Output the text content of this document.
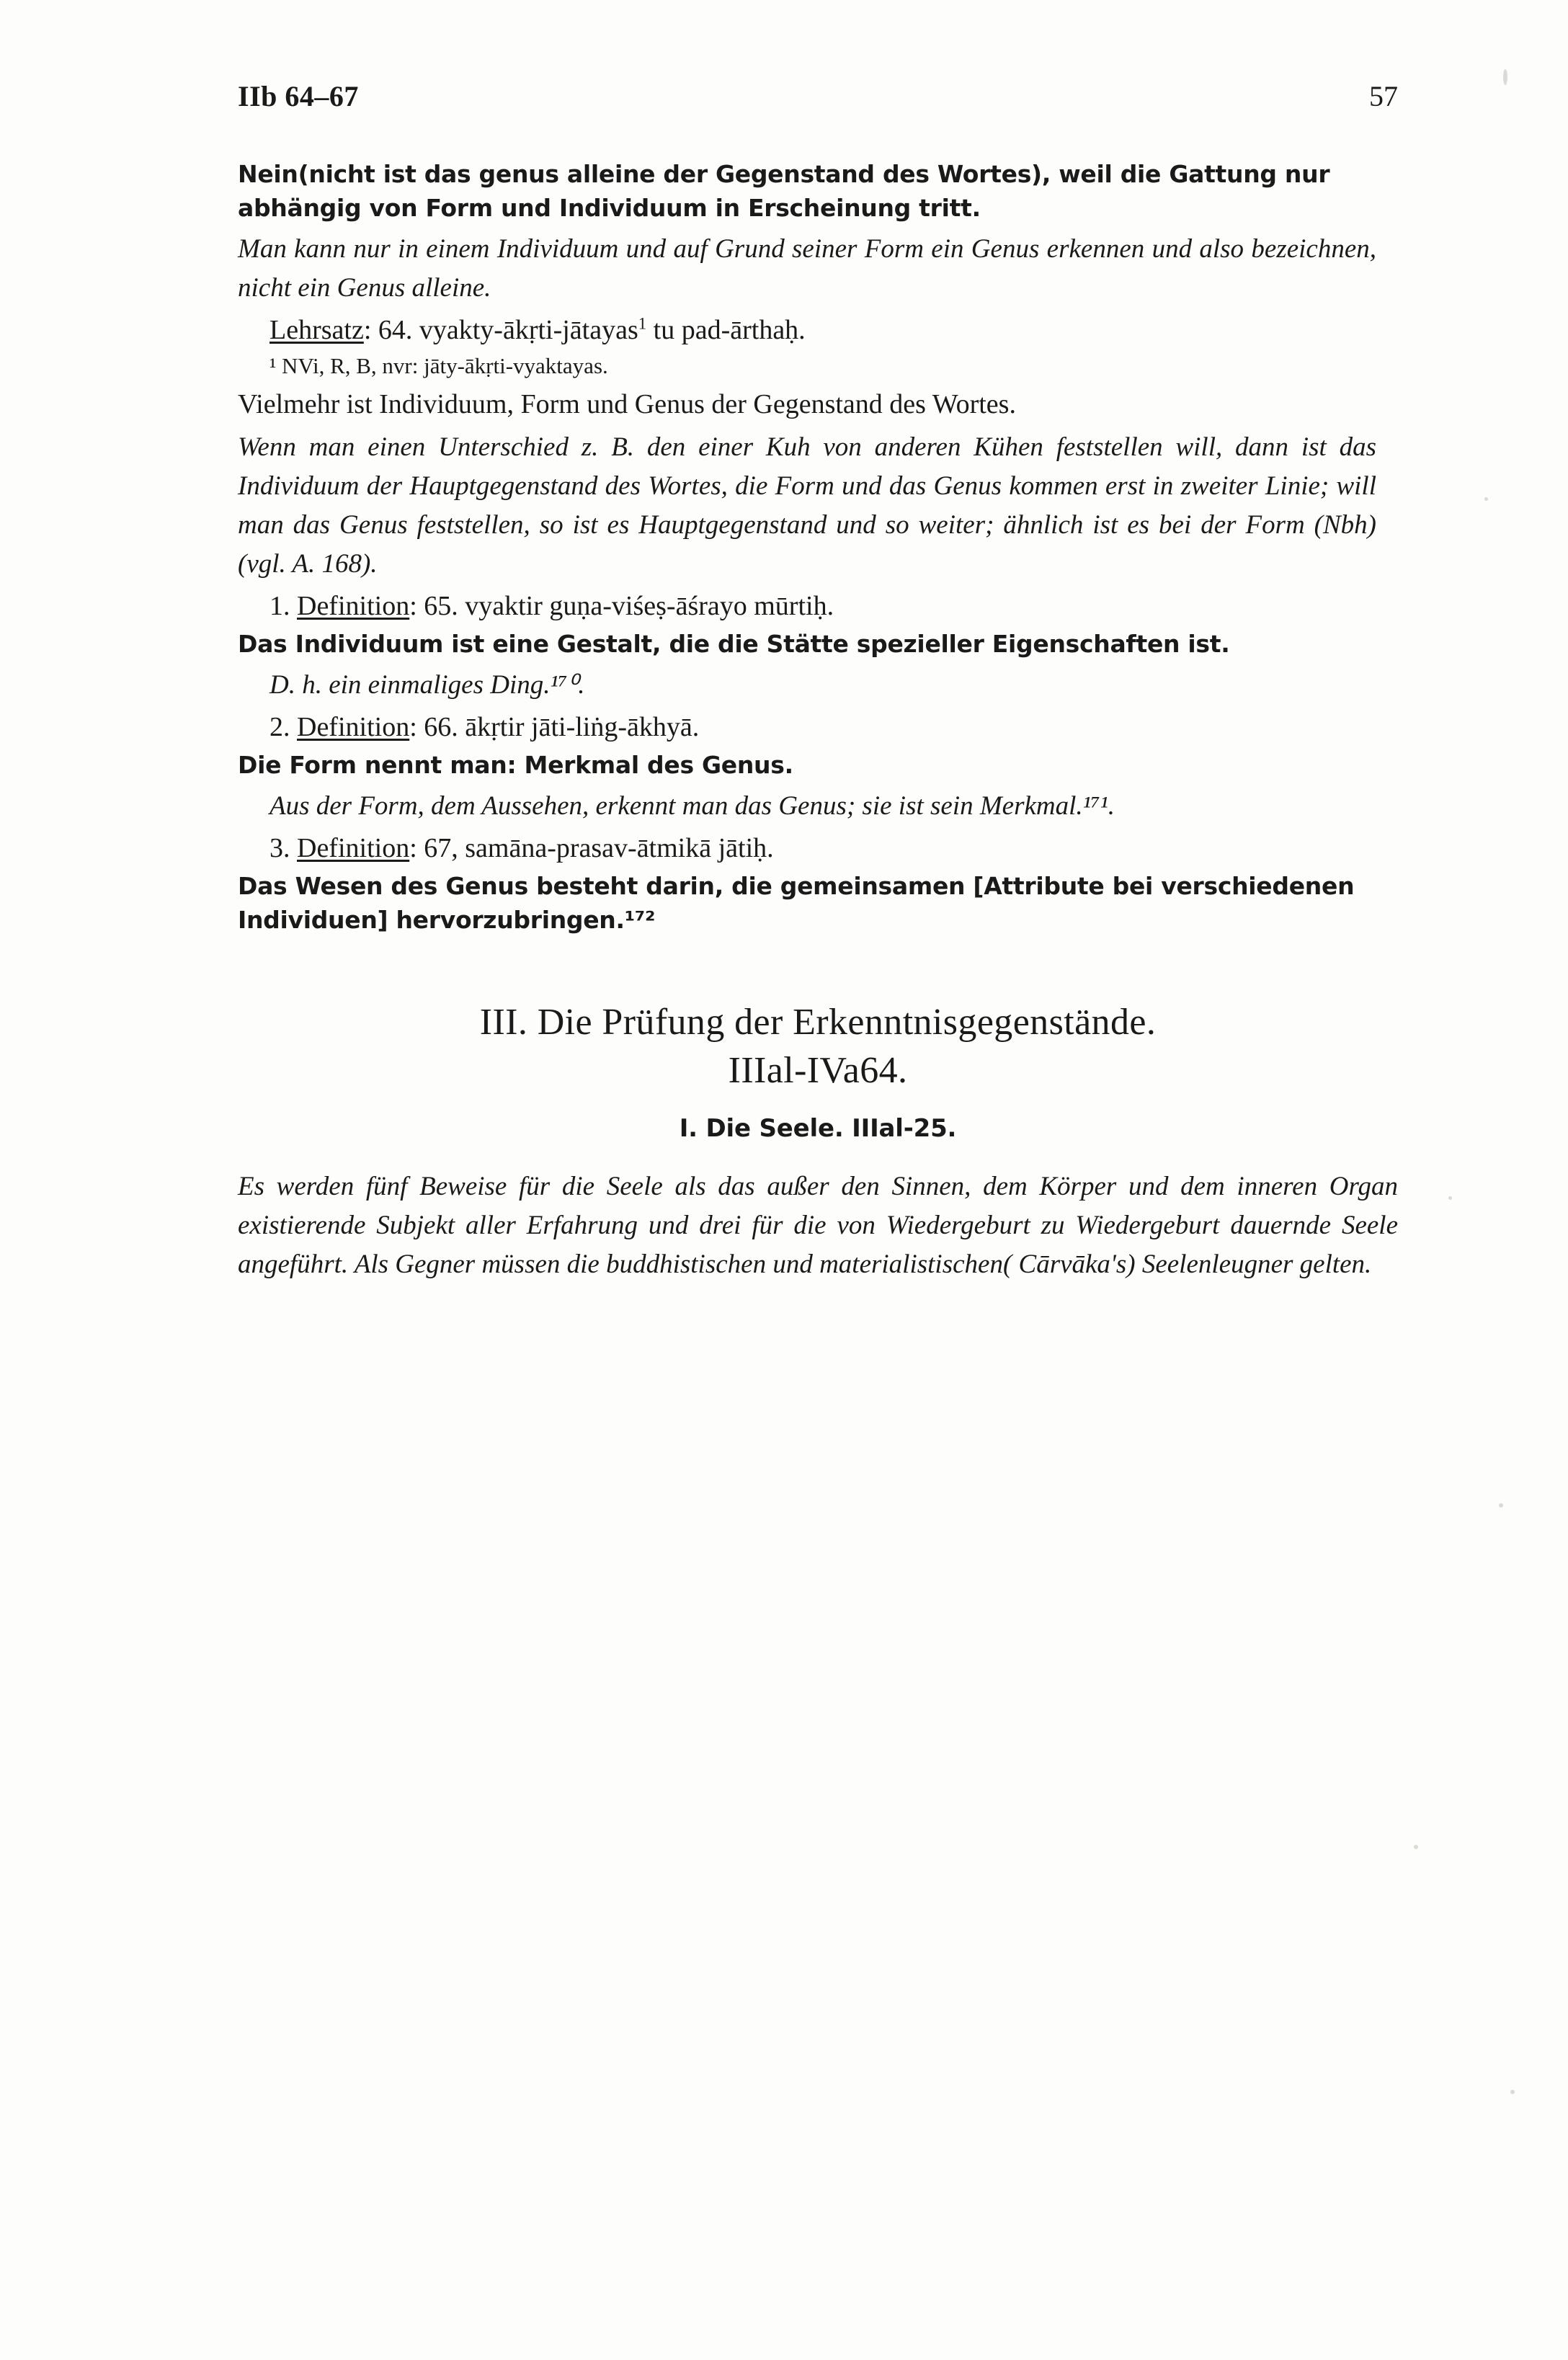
IIb 64–67	57

Nein(nicht ist das genus alleine der Gegenstand des Wortes), weil die Gattung nur abhängig von Form und Individuum in Erscheinung tritt.

Man kann nur in einem Individuum und auf Grund seiner Form ein Genus erkennen und also bezeichnen, nicht ein Genus alleine.

Lehrsatz: 64. vyakty-ākṛti-jātayas$^1$ tu pad-ārthaḥ.

¹ NVi, R, B, nvr: jāty-ākṛti-vyaktayas.

Vielmehr ist Individuum, Form und Genus der Gegenstand des Wortes.

Wenn man einen Unterschied z. B. den einer Kuh von anderen Kühen feststellen will, dann ist das Individuum der Hauptgegenstand des Wortes, die Form und das Genus kommen erst in zweiter Linie; will man das Genus feststellen, so ist es Hauptgegenstand und so weiter; ähnlich ist es bei der Form (Nbh) (vgl. A. 168).

1. Definition: 65. vyaktir guṇa-viśeṣ-āśrayo mūrtiḥ.

Das Individuum ist eine Gestalt, die die Stätte spezieller Eigenschaften ist.

D. h. ein einmaliges Ding.¹⁷⁰.

2. Definition: 66. ākṛtir jāti-liṅg-ākhyā.

Die Form nennt man: Merkmal des Genus.

Aus der Form, dem Aussehen, erkennt man das Genus; sie ist sein Merkmal.¹⁷¹.

3. Definition: 67, samāna-prasav-ātmikā jātiḥ.

Das Wesen des Genus besteht darin, die gemeinsamen [Attribute bei verschiedenen Individuen] hervorzubringen.¹⁷²

III. Die Prüfung der Erkenntnisgegenstände.
IIIal-IVa64.
I. Die Seele. IIIal-25.

Es werden fünf Beweise für die Seele als das außer den Sinnen, dem Körper und dem inneren Organ existierende Subjekt aller Erfahrung und drei für die von Wiedergeburt zu Wiedergeburt dauernde Seele angeführt. Als Gegner müssen die buddhistischen und materialistischen( Cārvāka's) Seelenleugner gelten.
